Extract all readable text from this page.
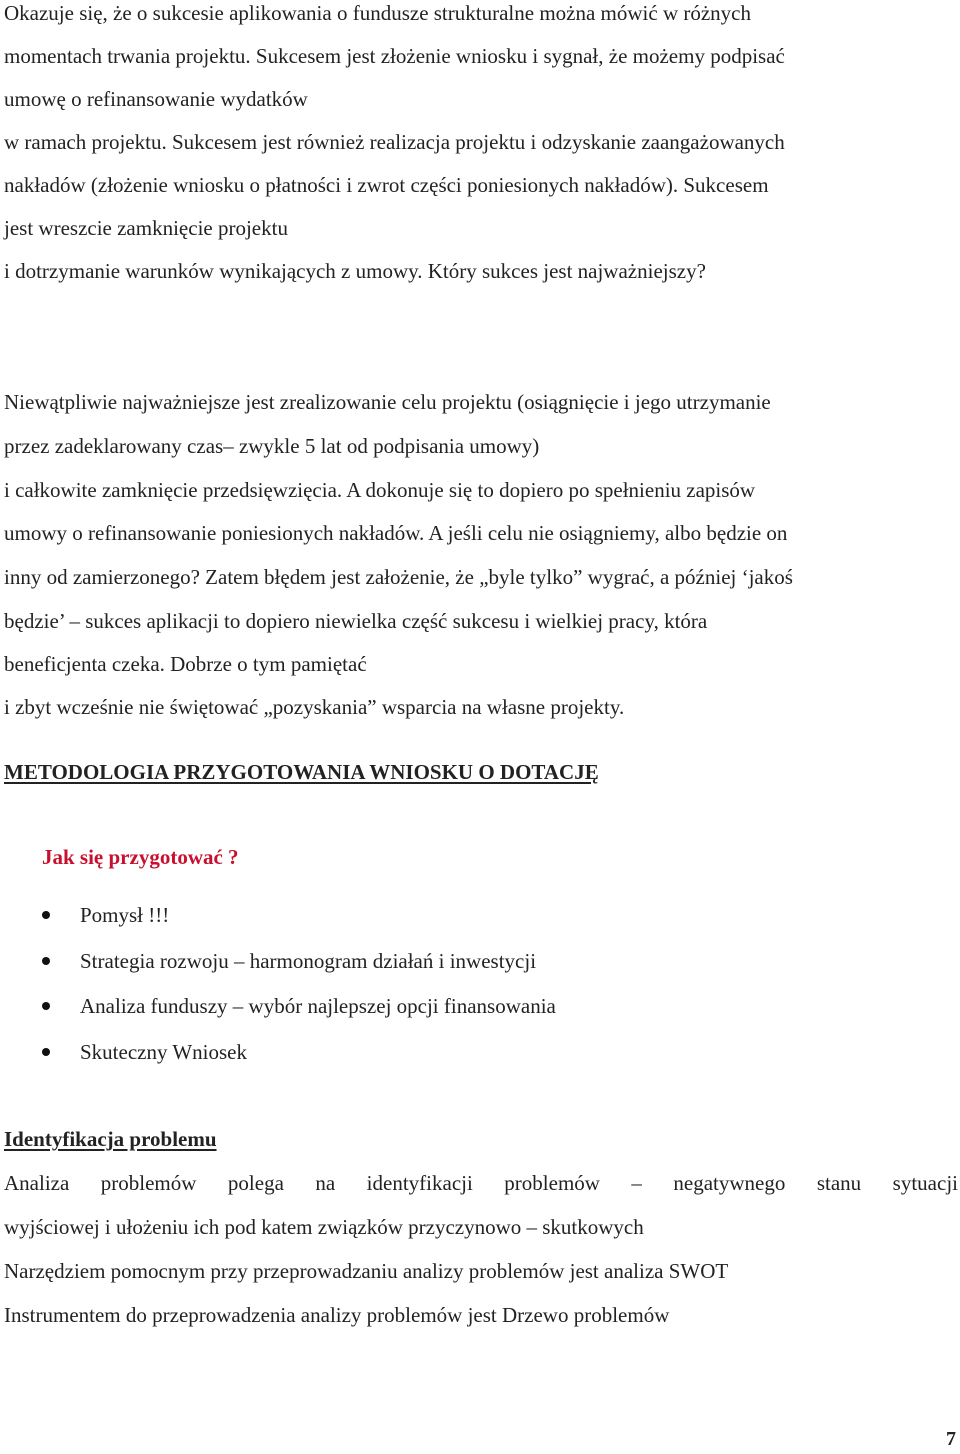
Okazuje się, że o sukcesie aplikowania o fundusze strukturalne można mówić w różnych
momentach trwania projektu. Sukcesem jest złożenie wniosku i sygnał, że możemy podpisać
umowę o refinansowanie wydatków
w ramach projektu. Sukcesem jest również realizacja projektu i odzyskanie zaangażowanych
nakładów (złożenie wniosku o płatności i zwrot części poniesionych nakładów). Sukcesem
jest wreszcie zamknięcie projektu
i dotrzymanie warunków wynikających z umowy. Który sukces jest najważniejszy?
Niewątpliwie najważniejsze jest zrealizowanie celu projektu (osiągnięcie i jego utrzymanie
przez zadeklarowany czas– zwykle 5 lat od podpisania umowy)
i całkowite zamknięcie przedsięwzięcia. A dokonuje się to dopiero po spełnieniu zapisów
umowy o refinansowanie poniesionych nakładów. A jeśli celu nie osiągniemy, albo będzie on
inny od zamierzonego? Zatem błędem jest założenie, że „byle tylko” wygrać, a później ‘jakoś
będzie’ – sukces aplikacji to dopiero niewielka część sukcesu i wielkiej pracy, która
beneficjenta czeka. Dobrze o tym pamiętać
i zbyt wcześnie nie świętować „pozyskania” wsparcia na własne projekty.
METODOLOGIA PRZYGOTOWANIA WNIOSKU O DOTACJĘ
Jak się przygotować ?
Pomysł !!!
Strategia rozwoju – harmonogram działań i inwestycji
Analiza funduszy – wybór najlepszej opcji finansowania
Skuteczny Wniosek
Identyfikacja problemu
Analiza problemów polega na identyfikacji problemów – negatywnego stanu sytuacji
wyjściowej i ułożeniu ich pod katem związków przyczynowo – skutkowych
Narzędziem pomocnym przy przeprowadzaniu analizy problemów jest analiza SWOT
Instrumentem do przeprowadzenia analizy problemów jest Drzewo problemów
7
